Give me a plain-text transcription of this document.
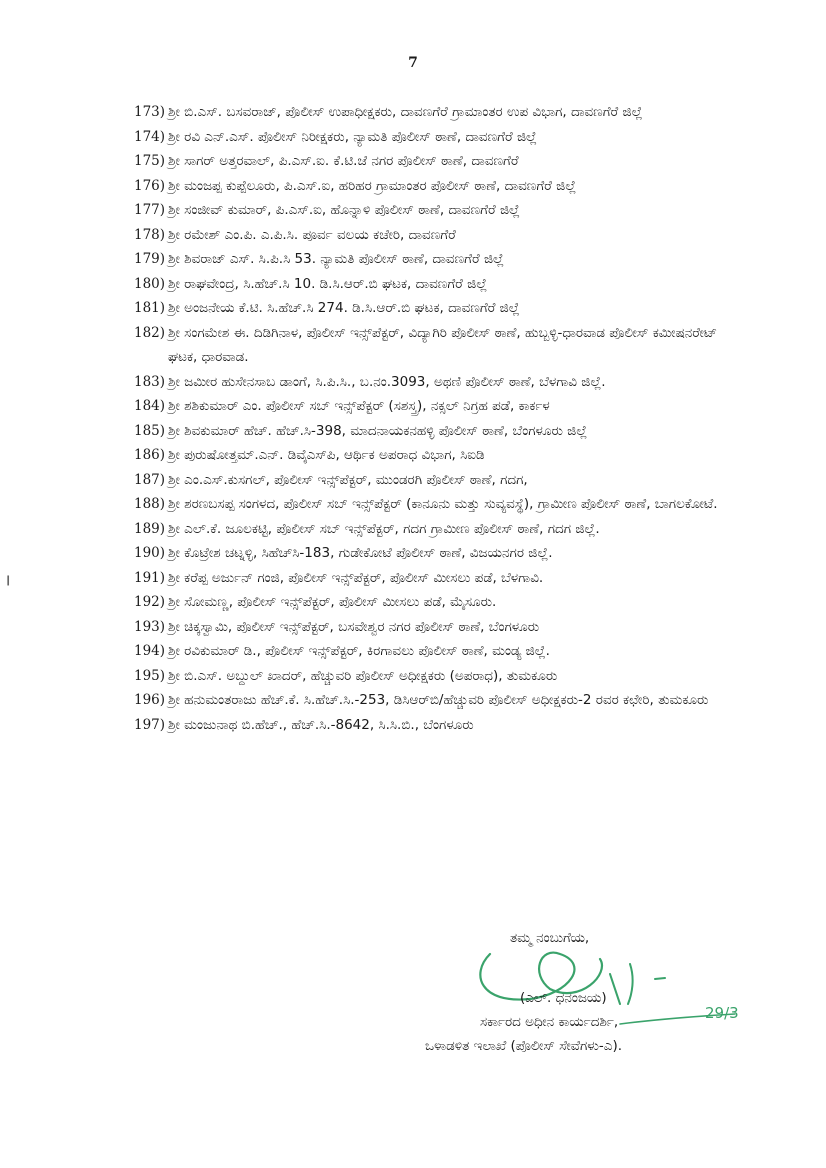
7
173) ಶ್ರೀ ಬಿ.ಎಸ್. ಬಸವರಾಜ್, ಪೊಲೀಸ್ ಉಪಾಧೀಕ್ಷಕರು, ದಾವಣಗೆರೆ ಗ್ರಾಮಾಂತರ ಉಪ ವಿಭಾಗ, ದಾವಣಗೆರೆ ಜಿಲ್ಲೆ
174) ಶ್ರೀ ರವಿ ಎನ್.ಎಸ್. ಪೊಲೀಸ್ ನಿರೀಕ್ಷಕರು, ನ್ಯಾಮತಿ ಪೊಲೀಸ್ ಠಾಣೆ, ದಾವಣಗೆರೆ ಜಿಲ್ಲೆ
175) ಶ್ರೀ ಸಾಗರ್ ಅತ್ತರವಾಲ್, ಪಿ.ಎಸ್.ಐ. ಕೆ.ಟಿ.ಜೆ ನಗರ ಪೊಲೀಸ್ ಠಾಣೆ, ದಾವಣಗೆರೆ
176) ಶ್ರೀ ಮಂಜಪ್ಪ ಕುಪ್ಪೆಲೂರು, ಪಿ.ಎಸ್.ಐ, ಹರಿಹರ ಗ್ರಾಮಾಂತರ ಪೊಲೀಸ್ ಠಾಣೆ, ದಾವಣಗೆರೆ ಜಿಲ್ಲೆ
177) ಶ್ರೀ ಸಂಜೀವ್ ಕುಮಾರ್, ಪಿ.ಎಸ್.ಐ, ಹೊನ್ನಾಳಿ ಪೊಲೀಸ್ ಠಾಣೆ, ದಾವಣಗೆರೆ ಜಿಲ್ಲೆ
178) ಶ್ರೀ ರಮೇಶ್ ಎಂ.ಪಿ. ಎ.ಪಿ.ಸಿ. ಪೂರ್ವ ವಲಯ ಕಚೇರಿ, ದಾವಣಗೆರೆ
179) ಶ್ರೀ ಶಿವರಾಜ್ ಎಸ್. ಸಿ.ಪಿ.ಸಿ 53. ನ್ಯಾಮತಿ ಪೊಲೀಸ್ ಠಾಣೆ, ದಾವಣಗೆರೆ ಜಿಲ್ಲೆ
180) ಶ್ರೀ ರಾಘವೇಂದ್ರ, ಸಿ.ಹೆಚ್.ಸಿ 10. ಡಿ.ಸಿ.ಆರ್.ಬಿ ಘಟಕ, ದಾವಣಗೆರೆ ಜಿಲ್ಲೆ
181) ಶ್ರೀ ಅಂಜನೇಯ ಕೆ.ಟಿ. ಸಿ.ಹೆಚ್.ಸಿ 274. ಡಿ.ಸಿ.ಆರ್.ಬಿ ಘಟಕ, ದಾವಣಗೆರೆ ಜಿಲ್ಲೆ
182) ಶ್ರೀ ಸಂಗಮೇಶ ಈ. ದಿಡಿಗಿನಾಳ, ಪೊಲೀಸ್ ಇನ್ಸ್‌ಪೆಕ್ಟರ್, ವಿದ್ಯಾಗಿರಿ ಪೊಲೀಸ್ ಠಾಣೆ, ಹುಬ್ಬಳ್ಳಿ-ಧಾರವಾಡ ಪೊಲೀಸ್ ಕಮೀಷನರೇಟ್ ಘಟಕ, ಧಾರವಾಡ.
183) ಶ್ರೀ ಜಮೀರ ಹುಸೇನಸಾಬ ಡಾಂಗೆ, ಸಿ.ಪಿ.ಸಿ., ಬ.ನಂ.3093, ಅಥಣಿ ಪೊಲೀಸ್ ಠಾಣೆ, ಬೆಳಗಾವಿ ಜಿಲ್ಲೆ.
184) ಶ್ರೀ ಶಶಿಕುಮಾರ್ ಎಂ. ಪೊಲೀಸ್ ಸಬ್ ಇನ್ಸ್‌ಪೆಕ್ಟರ್ (ಸಶಸ್ತ್ರ), ನಕ್ಸಲ್ ನಿಗ್ರಹ ಪಡೆ, ಕಾರ್ಕಳ
185) ಶ್ರೀ ಶಿವಕುಮಾರ್ ಹೆಚ್. ಹೆಚ್.ಸಿ-398, ಮಾದನಾಯಕನಹಳ್ಳಿ ಪೊಲೀಸ್ ಠಾಣೆ, ಬೆಂಗಳೂರು ಜಿಲ್ಲೆ
186) ಶ್ರೀ ಪುರುಷೋತ್ತಮ್.ಎನ್. ಡಿವೈಎಸ್‌ಪಿ, ಆರ್ಥಿಕ ಅಪರಾಧ ವಿಭಾಗ, ಸಿಐಡಿ
187) ಶ್ರೀ ಎಂ.ಎಸ್.ಕುಸಗಲ್, ಪೊಲೀಸ್ ಇನ್ಸ್‌ಪೆಕ್ಟರ್, ಮುಂಡರಗಿ ಪೊಲೀಸ್ ಠಾಣೆ, ಗದಗ,
188) ಶ್ರೀ ಶರಣಬಸಪ್ಪ ಸಂಗಳದ, ಪೊಲೀಸ್ ಸಬ್ ಇನ್ಸ್‌ಪೆಕ್ಟರ್ (ಕಾನೂನು ಮತ್ತು ಸುವ್ಯವಸ್ಥೆ), ಗ್ರಾಮೀಣ ಪೊಲೀಸ್ ಠಾಣೆ, ಬಾಗಲಕೋಟೆ.
189) ಶ್ರೀ ಎಲ್.ಕೆ. ಜೂಲಕಟ್ಟಿ, ಪೊಲೀಸ್ ಸಬ್ ಇನ್ಸ್‌ಪೆಕ್ಟರ್, ಗದಗ ಗ್ರಾಮೀಣ ಪೊಲೀಸ್ ಠಾಣೆ, ಗದಗ ಜಿಲ್ಲೆ.
190) ಶ್ರೀ ಕೊಟ್ರೇಶ ಚಟ್ನಳ್ಳಿ, ಸಿಹೆಚ್‌ಸಿ-183, ಗುಡೇಕೋಟೆ ಪೊಲೀಸ್ ಠಾಣೆ, ವಿಜಯನಗರ ಜಿಲ್ಲೆ.
191) ಶ್ರೀ ಕರೆಪ್ಪ ಅರ್ಜುನ್ ಗಂಜಿ, ಪೊಲೀಸ್ ಇನ್ಸ್‌ಪೆಕ್ಟರ್, ಪೊಲೀಸ್ ಮೀಸಲು ಪಡೆ, ಬೆಳಗಾವಿ.
192) ಶ್ರೀ ಸೋಮಣ್ಣ, ಪೊಲೀಸ್ ಇನ್ಸ್‌ಪೆಕ್ಟರ್, ಪೊಲೀಸ್ ಮೀಸಲು ಪಡೆ, ಮೈಸೂರು.
193) ಶ್ರೀ ಚಿಕ್ಕಸ್ವಾಮಿ, ಪೊಲೀಸ್ ಇನ್ಸ್‌ಪೆಕ್ಟರ್, ಬಸವೇಶ್ವರ ನಗರ ಪೊಲೀಸ್ ಠಾಣೆ, ಬೆಂಗಳೂರು
194) ಶ್ರೀ ರವಿಕುಮಾರ್ ಡಿ., ಪೊಲೀಸ್ ಇನ್ಸ್‌ಪೆಕ್ಟರ್, ಕಿರಗಾವಲು ಪೊಲೀಸ್ ಠಾಣೆ, ಮಂಡ್ಯ ಜಿಲ್ಲೆ.
195) ಶ್ರೀ ಬಿ.ಎಸ್. ಅಬ್ದುಲ್ ಖಾದರ್, ಹೆಚ್ಚುವರಿ ಪೊಲೀಸ್ ಅಧೀಕ್ಷಕರು (ಅಪರಾಧ), ತುಮಕೂರು
196) ಶ್ರೀ ಹನುಮಂತರಾಜು ಹೆಚ್.ಕೆ. ಸಿ.ಹೆಚ್.ಸಿ.-253, ಡಿಸಿಆರ್‌ಬಿ/ಹೆಚ್ಚುವರಿ ಪೊಲೀಸ್ ಅಧೀಕ್ಷಕರು-2 ರವರ ಕಛೇರಿ, ತುಮಕೂರು
197) ಶ್ರೀ ಮಂಜುನಾಥ ಬಿ.ಹೆಚ್., ಹೆಚ್.ಸಿ.-8642, ಸಿ.ಸಿ.ಬಿ., ಬೆಂಗಳೂರು
ತಮ್ಮ ನಂಬುಗೆಯ,
29/3
(ಎಲ್. ಧನಂಜಯ)
ಸರ್ಕಾರದ ಅಧೀನ ಕಾರ್ಯದರ್ಶಿ,
ಒಳಾಡಳಿತ ಇಲಾಖೆ (ಪೊಲೀಸ್ ಸೇವೆಗಳು-ಎ).
❙
